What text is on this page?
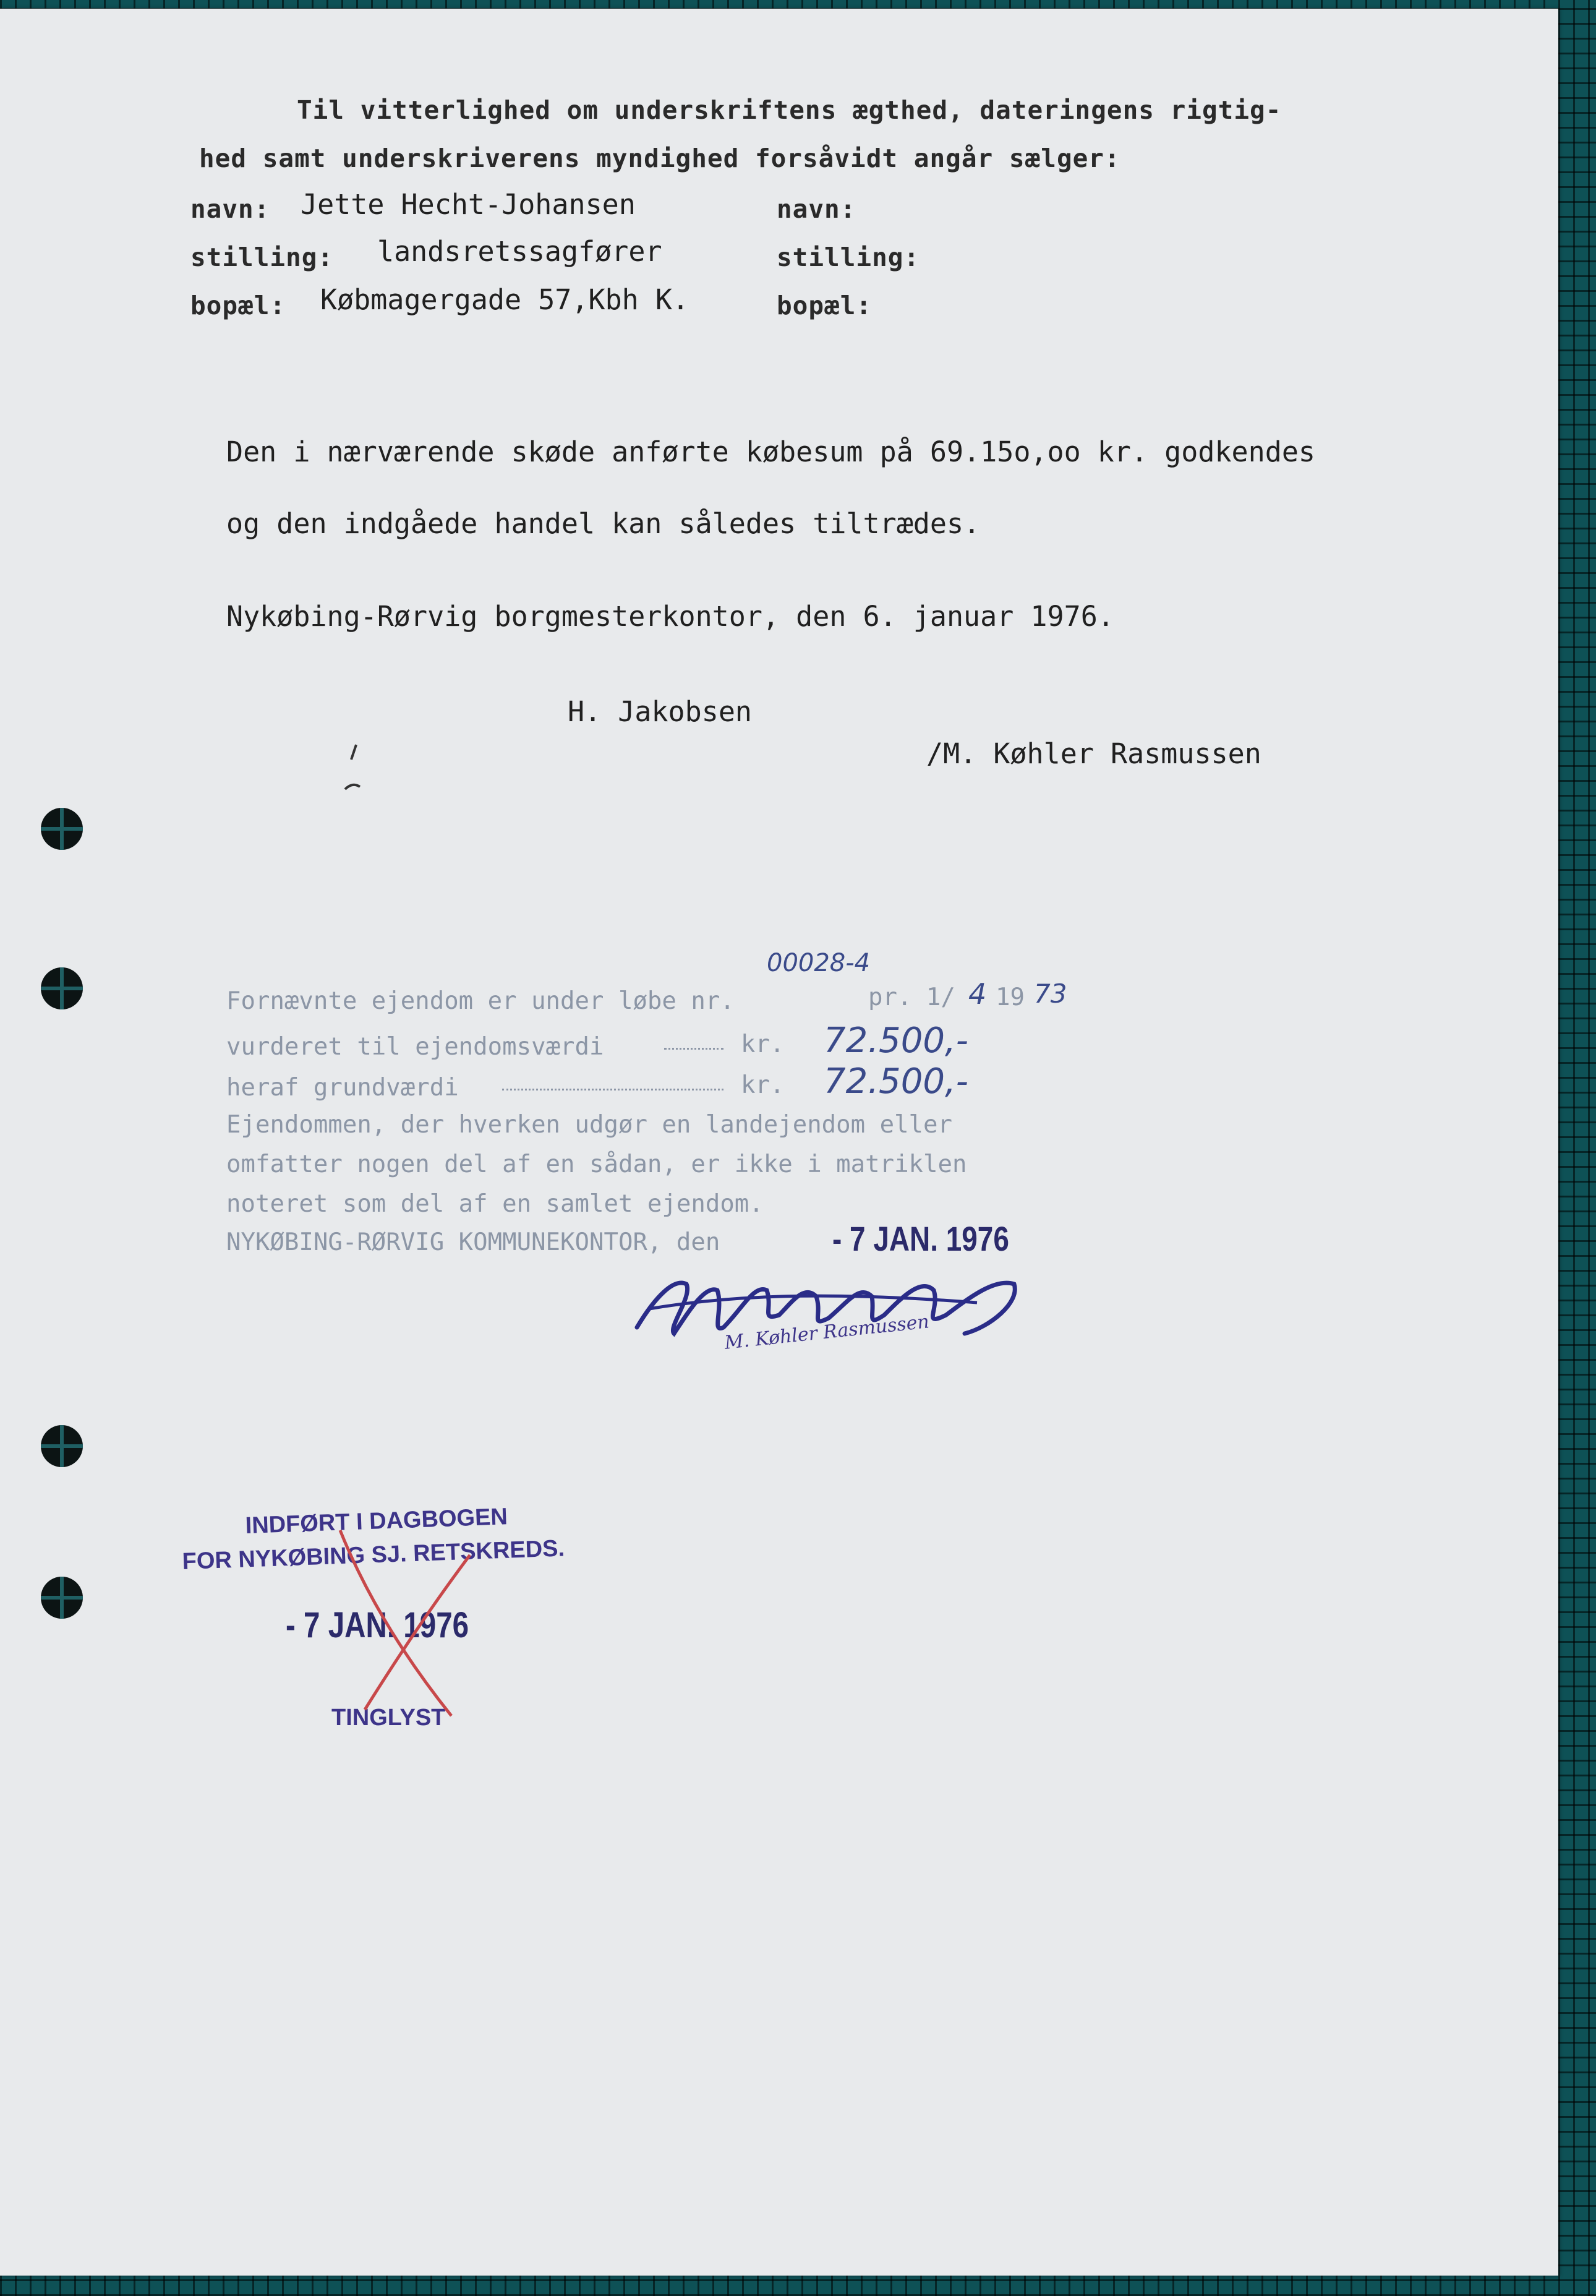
Til vitterlighed om underskriftens ægthed, dateringens rigtig-
hed samt underskriverens myndighed forsåvidt angår sælger:
navn: Jette Hecht-Johansen
stilling: landsretssagfører
bopæl: Købmagergade 57,Kbh K.
navn:
stilling:
bopæl:
Den i nærværende skøde anførte købesum på 69.15o,oo kr. godkendes
og den indgåede handel kan således tiltrædes.
Nykøbing-Rørvig borgmesterkontor, den 6. januar 1976.
H. Jakobsen
/M. Køhler Rasmussen
Fornævnte ejendom er under løbe nr.
00028-4
pr. 1/ 4 19 73
vurderet til ejendomsværdi	kr. 72.500,-
heraf grundværdi	kr. 72.500,-
Ejendommen, der hverken udgør en landejendom eller
omfatter nogen del af en sådan, er ikke i matriklen
noteret som del af en samlet ejendom.
NYKØBING-RØRVIG KOMMUNEKONTOR, den	- 7 JAN. 1976
M. Køhler Rasmussen
INDFØRT I DAGBOGEN
FOR NYKØBING SJ. RETSKREDS.
- 7 JAN. 1976
TINGLYST
